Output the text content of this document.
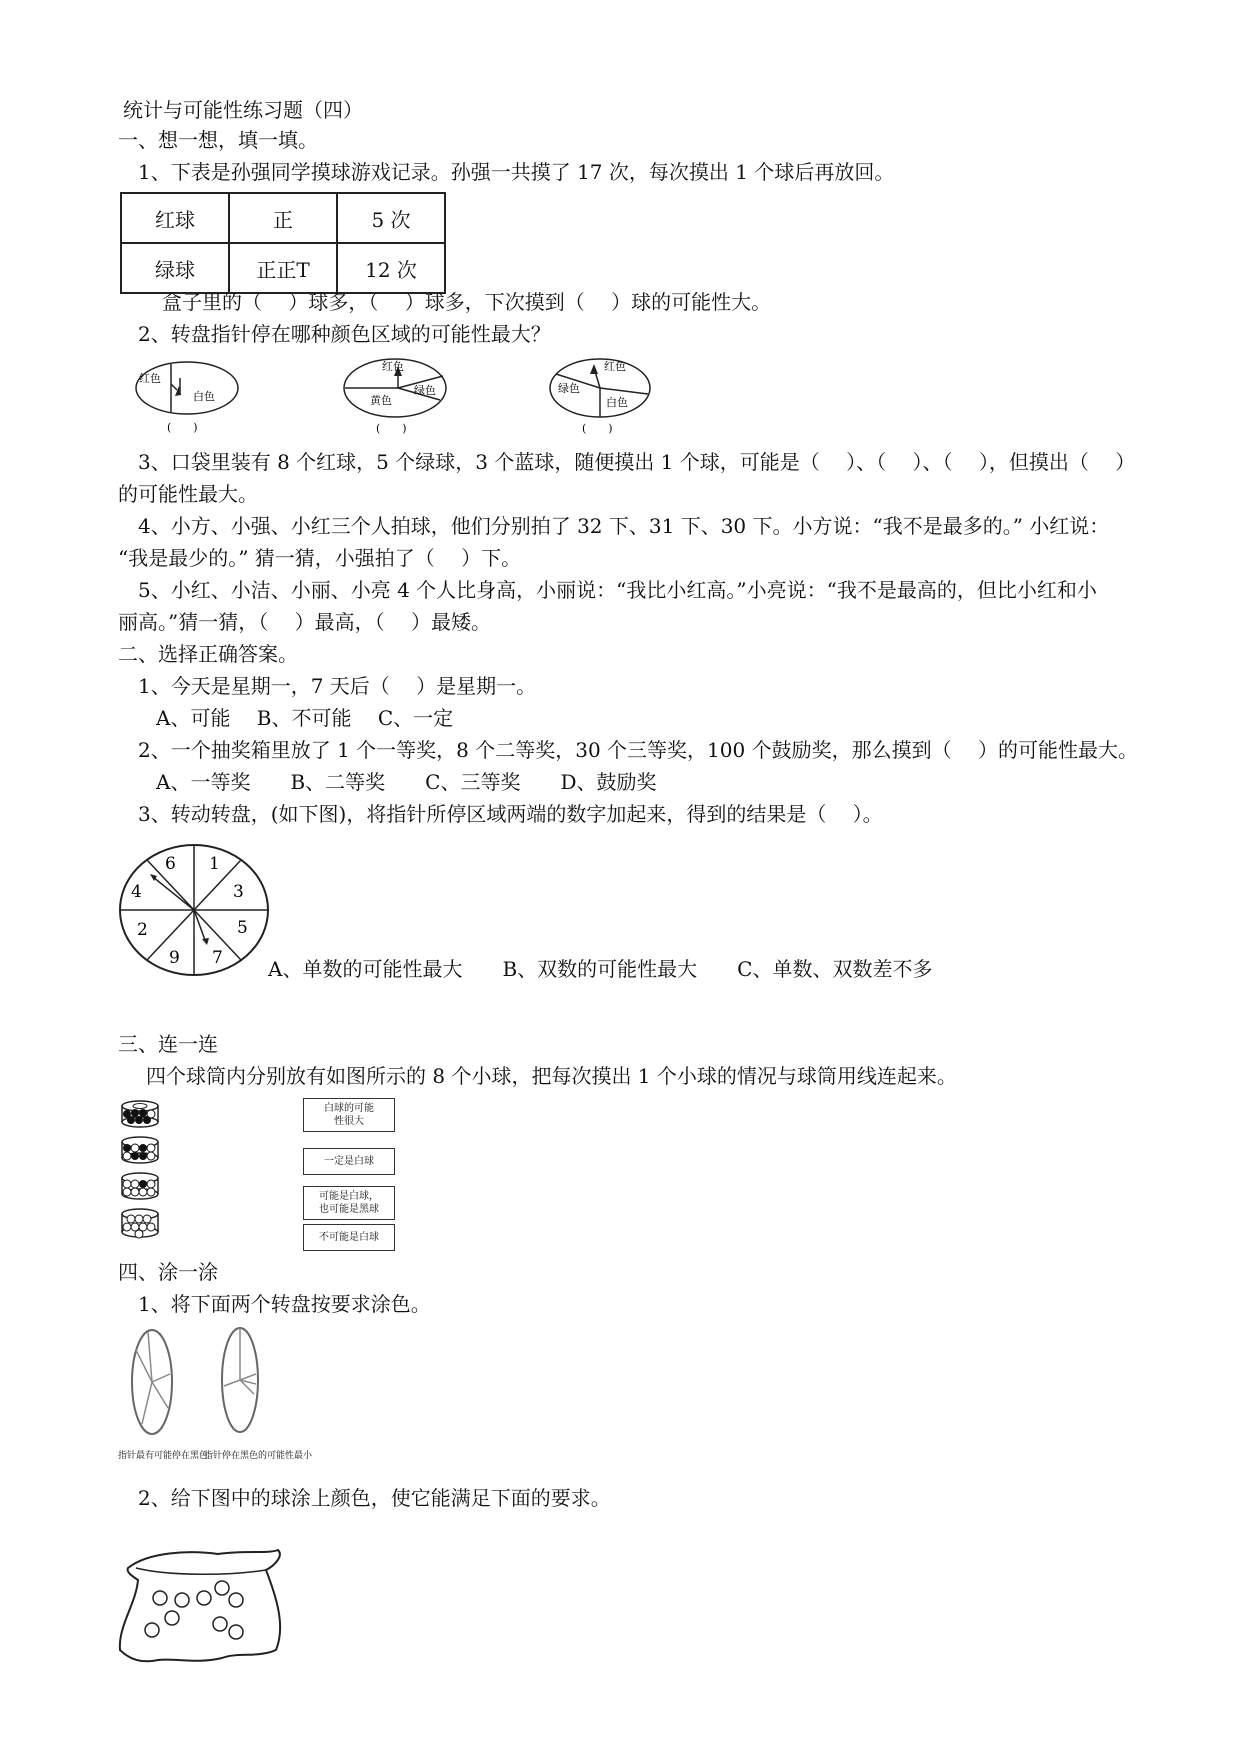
统计与可能性练习题（四）
一、想一想，填一填。
1、下表是孙强同学摸球游戏记录。孙强一共摸了 17 次，每次摸出 1 个球后再放回。
红球	正	5 次
绿球	正正T	12 次
盒子里的（　 ）球多，（　 ）球多，下次摸到（　 ）球的可能性大。
2、转盘指针停在哪种颜色区域的可能性最大？
红色
白色
(　　)
红色
绿色
黄色
(　　)
红色
绿色
白色
(　　)
3、口袋里装有 8 个红球，5 个绿球，3 个蓝球，随便摸出 1 个球，可能是（　 ）、（　 ）、（　 ），但摸出（　 ）
的可能性最大。
4、小方、小强、小红三个人拍球，他们分别拍了 32 下、31 下、30 下。小方说：“我不是最多的。” 小红说：
“我是最少的。” 猜一猜，小强拍了（　 ）下。
5、小红、小洁、小丽、小亮 4 个人比身高，小丽说：“我比小红高。”小亮说：“我不是最高的，但比小红和小
丽高。”猜一猜，（　 ）最高，（　 ）最矮。
二、选择正确答案。
1、今天是星期一，7 天后（　 ）是星期一。
A、可能　 B、不可能　 C、一定
2、一个抽奖箱里放了 1 个一等奖，8 个二等奖，30 个三等奖，100 个鼓励奖，那么摸到（　 ）的可能性最大。
A、一等奖　　B、二等奖　　C、三等奖　　D、鼓励奖
3、转动转盘，(如下图)，将指针所停区域两端的数字加起来，得到的结果是（　 ）。
6 1
4	3
2	5
9 7 A、单数的可能性最大　　B、双数的可能性最大　　C、单数、双数差不多
三、连一连
四个球筒内分别放有如图所示的 8 个小球，把每次摸出 1 个小球的情况与球筒用线连起来。
白球的可能
性很大
一定是白球
可能是白球，
也可能是黑球
不可能是白球
四、涂一涂
1、将下面两个转盘按要求涂色。
指针最有可能停在黑色
指针停在黑色的可能性最小
2、给下图中的球涂上颜色，使它能满足下面的要求。
